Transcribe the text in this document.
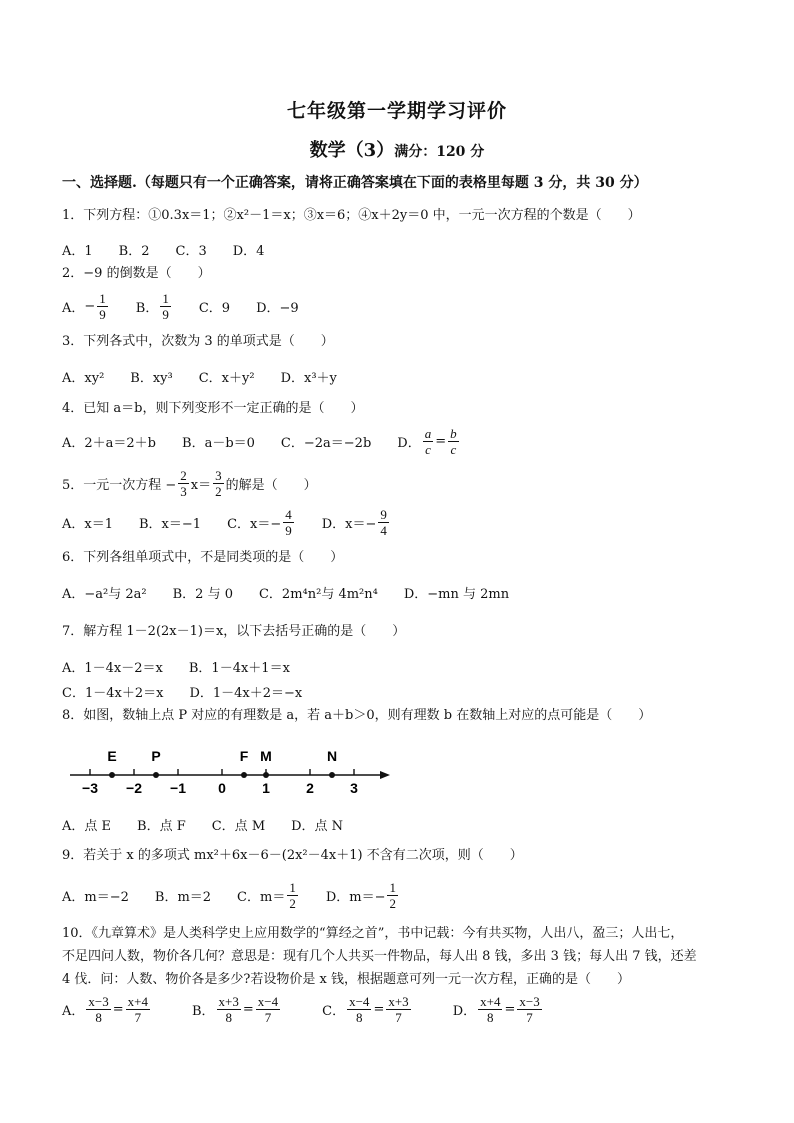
七年级第一学期学习评价
数学（3）满分：120 分
一、选择题.（每题只有一个正确答案，请将正确答案填在下面的表格里每题 3 分，共 30 分）
1．下列方程：①0.3x＝1；②x²－1＝x；③x＝6；④x＋2y＝0 中，一元一次方程的个数是（　　）
A．1 B．2 C．3 D．4
2．−9 的倒数是（　　）
A． − $\frac{1}{9}$ B． $\frac{1}{9}$ C．9 D．−9
3．下列各式中，次数为 3 的单项式是（　　）
A．xy² B．xy³ C．x＋y² D．x³＋y
4．已知 a＝b，则下列变形不一定正确的是（　　）
A．2＋a＝2＋b B．a－b＝0 C．−2a＝−2b D． $\frac{a}{c} = \frac{b}{c}$
5．一元一次方程 − $\frac{2}{3} x= \frac{3}{2}$ 的解是（　　）
A．x＝1 B．x＝−1 C．$x=- \frac{4}{9}$ D．$x=- \frac{9}{4}$
6．下列各组单项式中，不是同类项的是（　　）
A．−a²与 2a² B．2 与 0 C．2m⁴n²与 4m²n⁴ D．−mn 与 2mn
7．解方程 1－2(2x－1)＝x，以下去括号正确的是（　　）
A．1－4x－2＝x B．1－4x＋1＝x
C．1－4x＋2＝x D．1－4x＋2＝−x
8．如图，数轴上点 P 对应的有理数是 a，若 a＋b＞0，则有理数 b 在数轴上对应的点可能是（　　）
−3 −2 −1 0	1	2	3
E P	F M	N
A．点 E B．点 F C．点 M D．点 N
9．若关于 x 的多项式 mx²＋6x－6－(2x²－4x＋1) 不含有二次项，则（　　）
A．m＝−2 B．m＝2 C．$m= \frac{1}{2}$ D．$m=- \frac{1}{2}$
10．《九章算术》是人类科学史上应用数学的“算经之首”，书中记载：今有共买物，人出八，盈三；人出七，
不足四问人数，物价各几何？意思是：现有几个人共买一件物品，每人出 8 钱，多出 3 钱；每人出 7 钱，还差
4 伐．问：人数、物价各是多少?若设物价是 x 钱，根据题意可列一元一次方程，正确的是（　　）
A． $\frac{x-3}{8} = \frac{x+4}{7}$	B． $\frac{x+3}{8} = \frac{x-4}{7}$	C． $\frac{x-4}{8} = \frac{x+3}{7}$	D． $\frac{x+4}{8} = \frac{x-3}{7}$
